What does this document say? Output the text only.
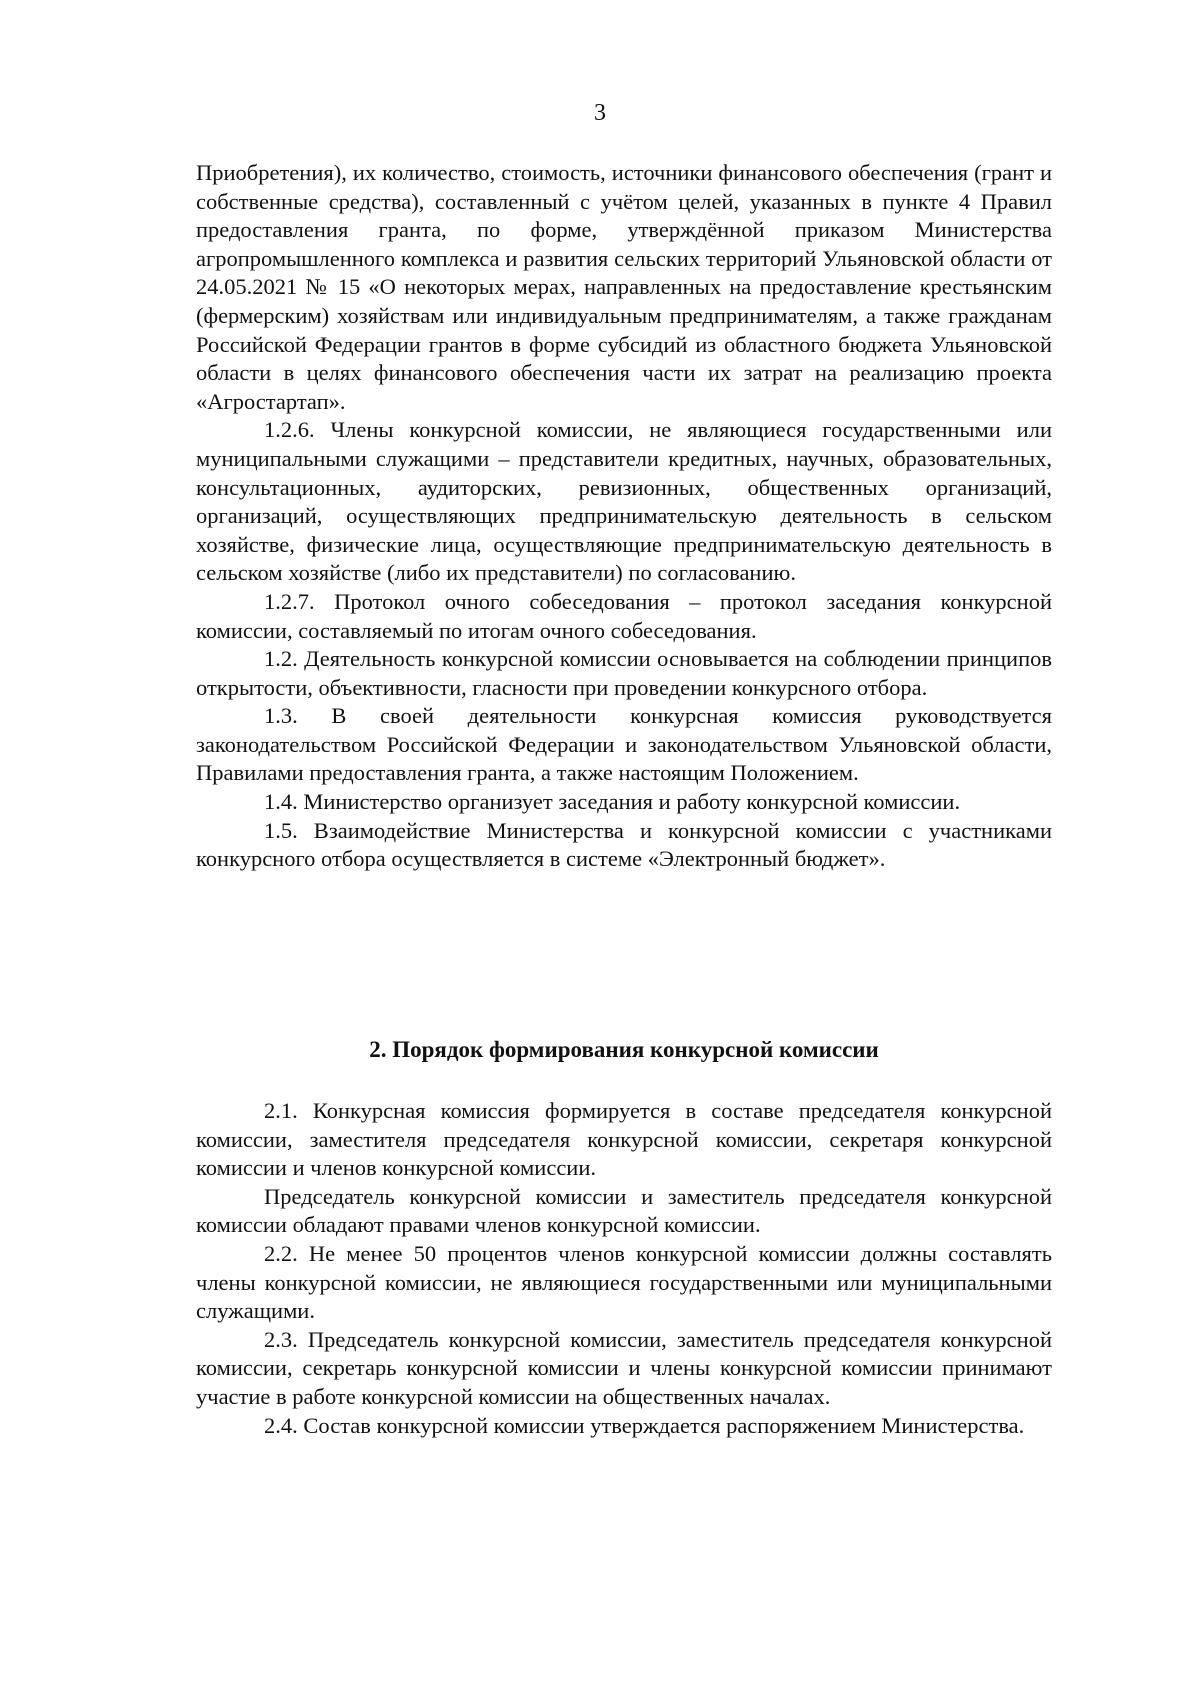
3

Приобретения), их количество, стоимость, источники финансового обеспечения (грант и собственные средства), составленный с учётом целей, указанных в пункте 4 Правил предоставления гранта, по форме, утверждённой приказом Министерства агропромышленного комплекса и развития сельских территорий Ульяновской области от 24.05.2021 № 15 «О некоторых мерах, направленных на предоставление крестьянским (фермерским) хозяйствам или индивидуальным предпринимателям, а также гражданам Российской Федерации грантов в форме субсидий из областного бюджета Ульяновской области в целях финансового обеспечения части их затрат на реализацию проекта «Агростартап».

1.2.6. Члены конкурсной комиссии, не являющиеся государственными или муниципальными служащими – представители кредитных, научных, образовательных, консультационных, аудиторских, ревизионных, общественных организаций, организаций, осуществляющих предпринимательскую деятельность в сельском хозяйстве, физические лица, осуществляющие предпринимательскую деятельность в сельском хозяйстве (либо их представители) по согласованию.

1.2.7. Протокол очного собеседования – протокол заседания конкурсной комиссии, составляемый по итогам очного собеседования.

1.2. Деятельность конкурсной комиссии основывается на соблюдении принципов открытости, объективности, гласности при проведении конкурсного отбора.

1.3. В своей деятельности конкурсная комиссия руководствуется законодательством Российской Федерации и законодательством Ульяновской области, Правилами предоставления гранта, а также настоящим Положением.

1.4. Министерство организует заседания и работу конкурсной комиссии.

1.5. Взаимодействие Министерства и конкурсной комиссии с участниками конкурсного отбора осуществляется в системе «Электронный бюджет».

2. Порядок формирования конкурсной комиссии

2.1. Конкурсная комиссия формируется в составе председателя конкурсной комиссии, заместителя председателя конкурсной комиссии, секретаря конкурсной комиссии и членов конкурсной комиссии.

Председатель конкурсной комиссии и заместитель председателя конкурсной комиссии обладают правами членов конкурсной комиссии.

2.2. Не менее 50 процентов членов конкурсной комиссии должны составлять члены конкурсной комиссии, не являющиеся государственными или муниципальными служащими.

2.3. Председатель конкурсной комиссии, заместитель председателя конкурсной комиссии, секретарь конкурсной комиссии и члены конкурсной комиссии принимают участие в работе конкурсной комиссии на общественных началах.

2.4. Состав конкурсной комиссии утверждается распоряжением Министерства.
